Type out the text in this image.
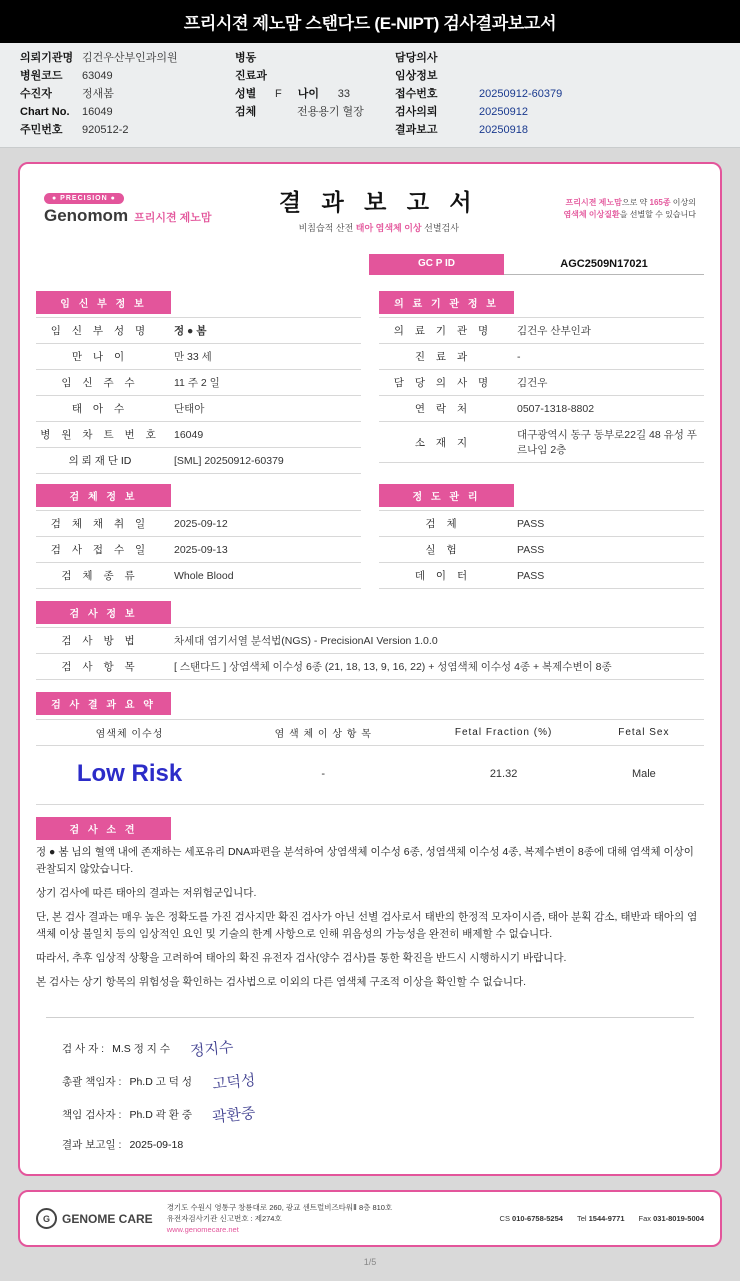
프리시젼 제노맘 스탠다드 (E-NIPT) 검사결과보고서
의뢰기관명 김건우산부인과의원
병원코드	63049
수진자	정새봄
Chart No.	16049
주민번호	920512-2
병동
진료과
성별	F 나이	33
검체	전용용기 혈장
담당의사
임상정보
접수번호	20250912-60379
검사의뢰	20250912
결과보고	20250918
● PRECISION ●
Genomom 프리시젼 제노맘
결 과 보 고 서
비침습적 산전 태아 염색체 이상 선별검사
프리시젼 제노맘으로 약 165종 이상의
염색체 이상질환을 선별할 수 있습니다
GC P ID	AGC2509N17021
임 신 부 정 보
임 신 부 성 명	정 ● 봄
만 나 이	만 33 세
임 신 주 수	11 주 2 일
태 아 수	단태아
병 원 차 트 번 호	16049
의 뢰 재 단 ID	[SML] 20250912-60379
의 료 기 관 정 보
의 료 기 관 명	김건우 산부인과
진 료 과	-
담 당 의 사 명	김건우
연 락 처	0507-1318-8802
소 재 지	대구광역시 동구 동부로22길 48 유성 푸르나임 2층
검 체 정 보
검 체 채 취 일	2025-09-12
검 사 접 수 일	2025-09-13
검 체 종 류	Whole Blood
정 도 관 리
검 체	PASS
실 험	PASS
데 이 터	PASS
검 사 정 보
검 사 방 법	차세대 염기서열 분석법(NGS) - PrecisionAI Version 1.0.0
검 사 항 목	[ 스탠다드 ] 상염색체 이수성 6종 (21, 18, 13, 9, 16, 22) + 성염색체 이수성 4종 + 복제수변이 8종
검 사 결 과 요 약
염색체 이수성	염 색 체 이 상 항 목	Fetal Fraction (%)	Fetal Sex
Low Risk	-	21.32	Male
검 사 소 견

정 ● 봄 님의 혈액 내에 존재하는 세포유리 DNA파편을 분석하여 상염색체 이수성 6종, 성염색체 이수성 4종, 복제수변이 8종에 대해 염색체 이상이 관찰되지 않았습니다.

상기 검사에 따른 태아의 결과는 저위험군입니다.

단, 본 검사 결과는 매우 높은 정확도를 가진 검사지만 확진 검사가 아닌 선별 검사로서 태반의 한정적 모자이시즘, 태아 분획 감소, 태반과 태아의 염색체 이상 불일치 등의 임상적인 요인 및 기술의 한계 사항으로 인해 위음성의 가능성을 완전히 배제할 수 없습니다.

따라서, 추후 임상적 상황을 고려하여 태아의 확진 유전자 검사(양수 검사)를 통한 확진을 반드시 시행하시기 바랍니다.

본 검사는 상기 항목의 위험성을 확인하는 검사법으로 이외의 다른 염색체 구조적 이상을 확인할 수 없습니다.

검 사 자 : M.S 정 지 수 정지수
총괄 책임자 : Ph.D 고 덕 성 고덕성
책임 검사자 : Ph.D 곽 환 중 곽환중
결과 보고일 : 2025-09-18
G	GENOME CARE
경기도 수원시 영통구 창룡대로 260, 광교 센트럴비즈타워Ⅱ 8층 810호
유전자검사기관 신고번호 : 제274호
www.genomecare.net
CS 010-6758-5254 Tel 1544-9771 Fax 031-8019-5004
1/5
